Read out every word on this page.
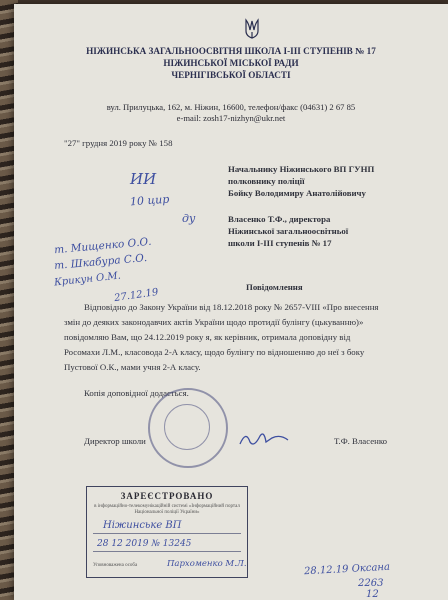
НІЖИНСЬКА ЗАГАЛЬНООСВІТНЯ ШКОЛА І-ІІІ СТУПЕНІВ № 17
НІЖИНСЬКОЇ МІСЬКОЇ РАДИ
ЧЕРНІГІВСЬКОЇ ОБЛАСТІ
вул. Прилуцька, 162, м. Ніжин, 16600, телефон/факс (04631) 2 67 85
e-mail: zosh17-nizhyn@ukr.net
"27" грудня 2019 року № 158
Начальнику Ніжинського ВП ГУНП
полковнику поліції
Бойку Володимиру Анатолійовичу
Власенко Т.Ф., директора
Ніжинської загальноосвітньої
школи І-ІІІ ступенів № 17
ИИ
10 цир
ду
т. Мищенко О.О.
т. Шкабура С.О.
Крикун О.М.
27.12.19	Повідомлення
Відповідно до Закону України від 18.12.2018 року № 2657-VIII «Про внесення
змін до деяких законодавчих актів України щодо протидії булінгу (цькуванню)»
повідомляю Вам, що 24.12.2019 року я, як керівник, отримала доповідну від
Росомахи Л.М., класовода 2-А класу, щодо булінгу по відношенню до неї з боку
Пустової О.К., мами учня 2-А класу.
Копія доповідної додається.
Директор школи	Т.Ф. Власенко
ЗАРЕЄСТРОВАНО
в інформаційно-телекомунікаційній системі «Інформаційний портал Національної поліції України»
Ніжинське ВП
28 12 2019 № 13245
Уповноважена особа	Пархоменко М.Л.	28.12.19 Оксана
2263
12
